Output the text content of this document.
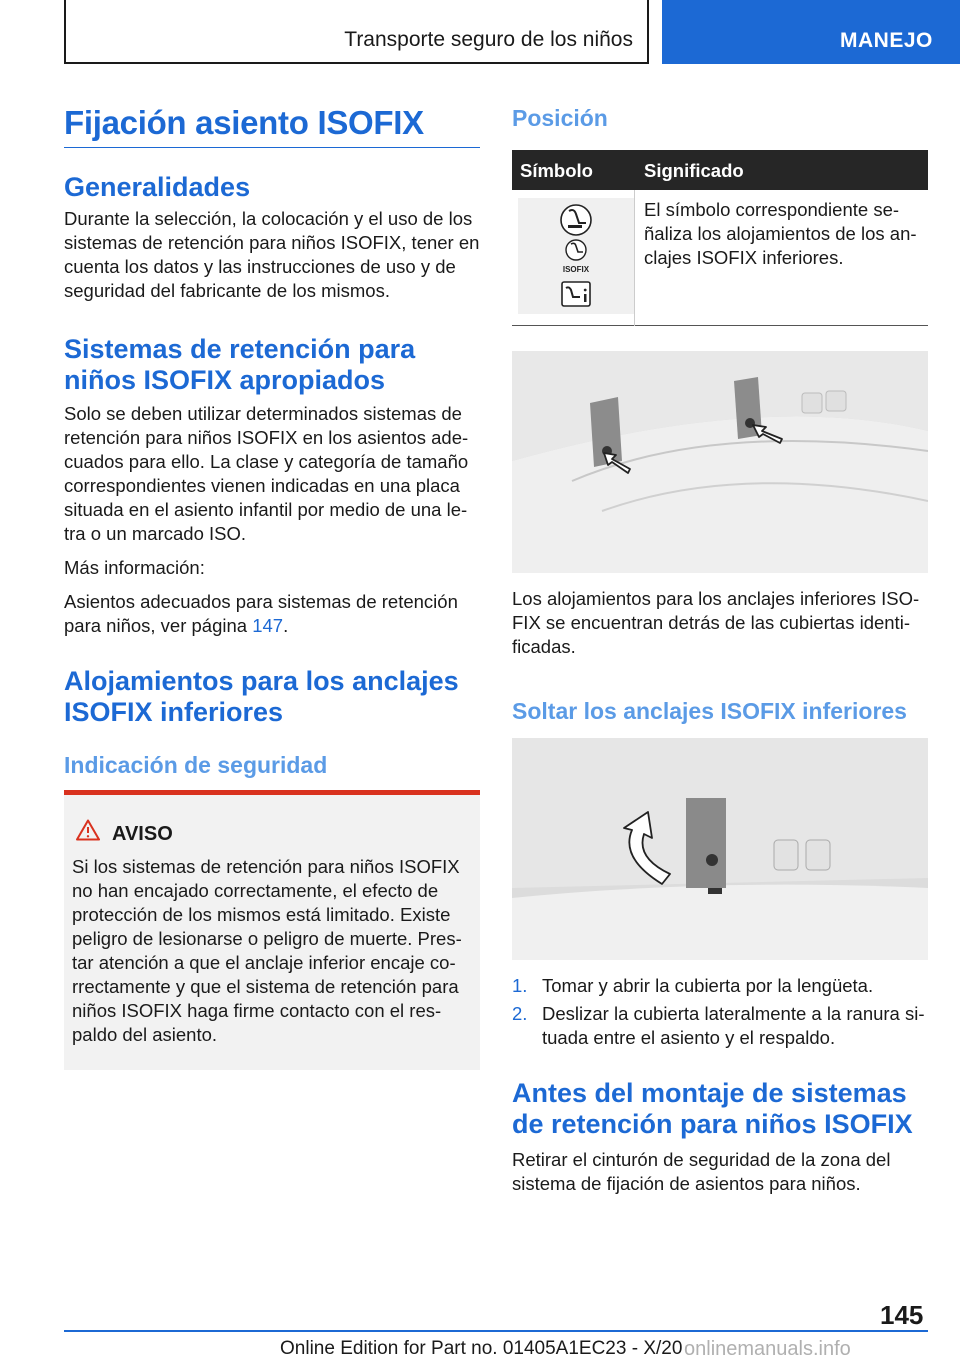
Transporte seguro de los niños	MANEJO
Fijación asiento ISOFIX
Generalidades
Durante la selección, la colocación y el uso de los sistemas de retención para niños ISOFIX, tener en cuenta los datos y las instrucciones de uso y de seguridad del fabricante de los mismos.
Sistemas de retención para niños ISOFIX apropiados
Solo se deben utilizar determinados sistemas de retención para niños ISOFIX en los asientos adecuados para ello. La clase y categoría de tamaño correspondientes vienen indicadas en una placa situada en el asiento infantil por medio de una letra o un marcado ISO.
Más información:
Asientos adecuados para sistemas de retención para niños, ver página 147.
Alojamientos para los anclajes ISOFIX inferiores
Indicación de seguridad
AVISO
Si los sistemas de retención para niños ISOFIX no han encajado correctamente, el efecto de protección de los mismos está limitado. Existe peligro de lesionarse o peligro de muerte. Prestar atención a que el anclaje inferior encaje correctamente y que el sistema de retención para niños ISOFIX haga firme contacto con el respaldo del asiento.
Posición
Símbolo	Significado
ISOFIX
El símbolo correspondiente señaliza los alojamientos de los anclajes ISOFIX inferiores.
Los alojamientos para los anclajes inferiores ISOFIX se encuentran detrás de las cubiertas identificadas.
Soltar los anclajes ISOFIX inferiores
1. Tomar y abrir la cubierta por la lengüeta.
2. Deslizar la cubierta lateralmente a la ranura situada entre el asiento y el respaldo.
Antes del montaje de sistemas de retención para niños ISOFIX
Retirar el cinturón de seguridad de la zona del sistema de fijación de asientos para niños.
145
Online Edition for Part no. 01405A1EC23 - X/20 onlinemanuals.info
